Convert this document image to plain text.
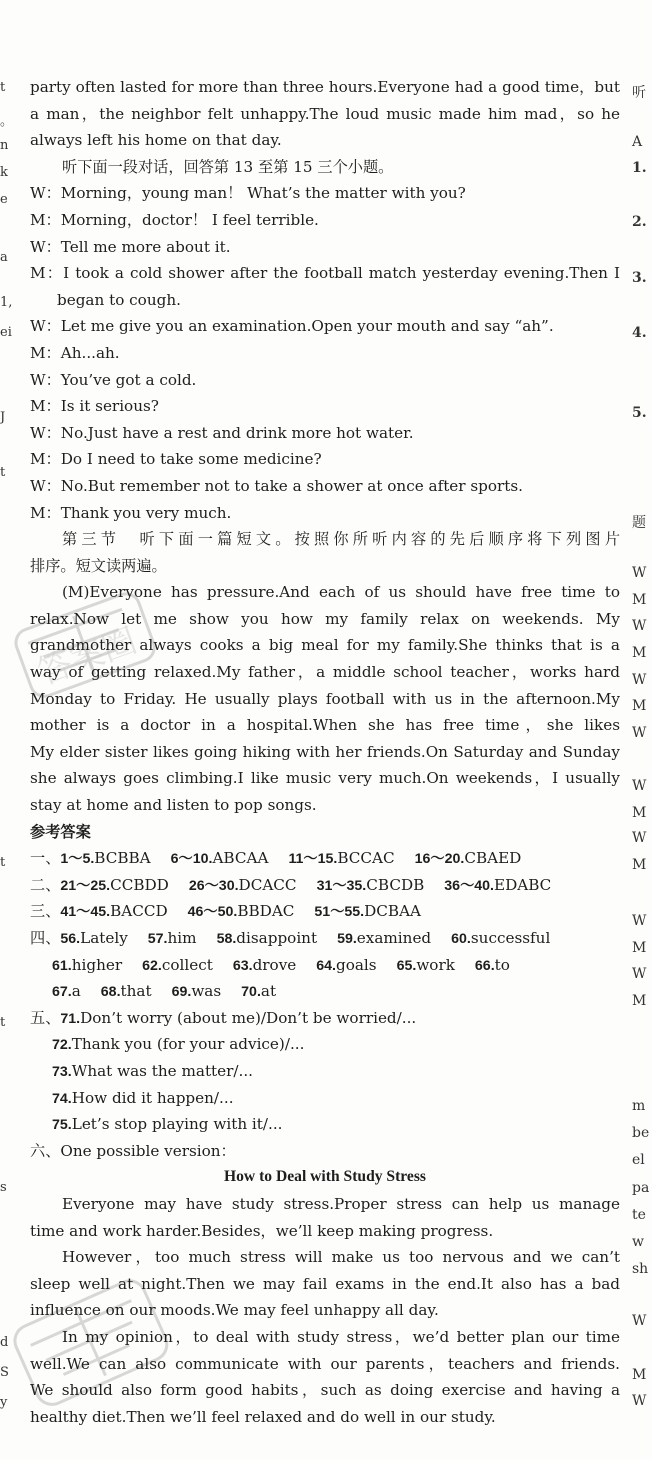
t
。
n
k
e
a
1,
ei
J
t
t
t
s
d
S
y
听
A
1.
2.
3.
4.
5.
题
W
M
W
M
W
M
W
W
M
W
M
W
M
W
M
m
be
el
pa
te
w
sh
W
M
W
答案圈
party often lasted for more than three hours.Everyone had a good time，but
a man，the neighbor felt unhappy.The loud music made him mad，so he
always left his home on that day.
听下面一段对话，回答第 13 至第 15 三个小题。
W：Morning，young man！ What’s the matter with you?
M：Morning，doctor！ I feel terrible.
W：Tell me more about it.
M：I took a cold shower after the football match yesterday evening.Then I
began to cough.
W：Let me give you an examination.Open your mouth and say “ah”.
M：Ah...ah.
W：You’ve got a cold.
M：Is it serious?
W：No.Just have a rest and drink more hot water.
M：Do I need to take some medicine?
W：No.But remember not to take a shower at once after sports.
M：Thank you very much.
第三节　听下面一篇短文。按照你所听内容的先后顺序将下列图片
排序。短文读两遍。
(M)Everyone has pressure.And each of us should have free time to
relax.Now let me show you how my family relax on weekends. My
grandmother always cooks a big meal for my family.She thinks that is a
way of getting relaxed.My father，a middle school teacher，works hard
Monday to Friday. He usually plays football with us in the afternoon.My
mother is a doctor in a hospital.When she has free time，she likes
My elder sister likes going hiking with her friends.On Saturday and Sunday
she always goes climbing.I like music very much.On weekends，I usually
stay at home and listen to pop songs.
参考答案
一、1～5.BCBBA 6～10.ABCAA 11～15.BCCAC 16～20.CBAED
二、21～25.CCBDD 26～30.DCACC 31～35.CBCDB 36～40.EDABC
三、41～45.BACCD 46～50.BBDAC 51～55.DCBAA
四、56.Lately 57.him 58.disappoint 59.examined 60.successful
61.higher 62.collect 63.drove 64.goals 65.work 66.to
67.a 68.that 69.was 70.at
五、71.Don’t worry (about me)/Don’t be worried/...
72.Thank you (for your advice)/...
73.What was the matter/...
74.How did it happen/...
75.Let’s stop playing with it/...
六、One possible version：
How to Deal with Study Stress
Everyone may have study stress.Proper stress can help us manage
time and work harder.Besides，we’ll keep making progress.
However，too much stress will make us too nervous and we can’t
sleep well at night.Then we may fail exams in the end.It also has a bad
influence on our moods.We may feel unhappy all day.
In my opinion，to deal with study stress，we’d better plan our time
well.We can also communicate with our parents，teachers and friends.
We should also form good habits，such as doing exercise and having a
healthy diet.Then we’ll feel relaxed and do well in our study.
